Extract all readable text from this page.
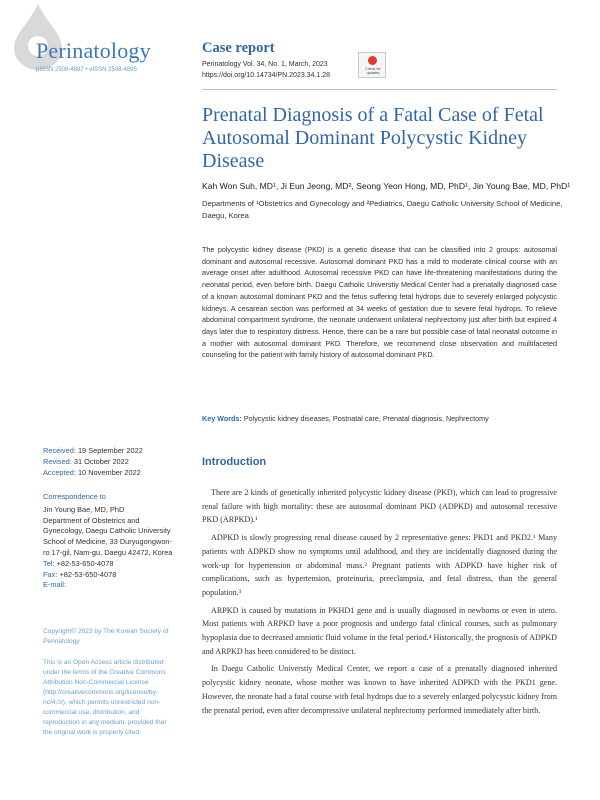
Perinatology
pISSN 2508-4887 • eISSN 2508-4895
Case report
Perinatology Vol. 34, No. 1, March, 2023
https://doi.org/10.14734/PN.2023.34.1.28
Check for updates
Prenatal Diagnosis of a Fatal Case of Fetal Autosomal Dominant Polycystic Kidney Disease
Kah Won Suh, MD¹, Ji Eun Jeong, MD², Seong Yeon Hong, MD, PhD¹, Jin Young Bae, MD, PhD¹
Departments of ¹Obstetrics and Gynecology and ²Pediatrics, Daegu Catholic University School of Medicine, Daegu, Korea
The polycystic kidney disease (PKD) is a genetic disease that can be classified into 2 groups: autosomal dominant and autosomal recessive. Autosomal dominant PKD has a mild to moderate clinical course with an average onset after adulthood. Autosomal recessive PKD can have life-threatening manifestations during the neonatal period, even before birth. Daegu Catholic Universtiy Medical Center had a prenatally diagnosed case of a known autosomal dominant PKD and the fetus suffering fetal hydrops due to severely enlarged polycystic kidneys. A cesarean section was performed at 34 weeks of gestation due to severe fetal hydrops. To relieve abdominal compartment syndrome, the neonate underwent unilateral nephrectomy just after birth but expired 4 days later due to respiratory distress. Hence, there can be a rare but possible case of fatal neonatal outcome in a mother with autosomal dominant PKD. Therefore, we recommend close observation and multifaceted counseling for the patient with family history of autosomal dominant PKD.
Key Words: Polycystic kidney diseases, Postnatal care, Prenatal diagnosis, Nephrectomy
Received: 19 September 2022
Revised: 31 October 2022
Accepted: 10 November 2022
Correspondence to
Jin Young Bae, MD, PhD
Department of Obstetrics and Gynecology, Daegu Catholic University School of Medicine, 33 Duryugongwon-ro 17-gil, Nam-gu, Daegu 42472, Korea
Tel: +82-53-650-4078
Fax: +82-53-650-4078
E-mail:
Copyright© 2023 by The Korean Society of Perinatology
This is an Open Access article distributed under the terms of the Creative Commons Attribution Non-Commercial License (http://creativecommons.org/license/by-nc/4.0/), which permits unrestricted non-commercial use, distribution, and reproduction in any medium, provided that the original work is properly cited.
Introduction

There are 2 kinds of genetically inherited polycystic kidney disease (PKD), which can lead to progressive renal failure with high mortality: these are autosomal dominant PKD (ADPKD) and autosomal recessive PKD (ARPKD).¹

ADPKD is slowly progressing renal disease caused by 2 representative genes: PKD1 and PKD2.¹ Many patients with ADPKD show no symptoms until adulthood, and they are incidentally diagnosed during the work-up for hypertension or abdominal mass.² Pregnant patients with ADPKD have higher risk of complications, such as hypertension, proteinuria, preeclampsia, and fetal distress, than the general population.³

ARPKD is caused by mutations in PKHD1 gene and is usually diagnosed in newborns or even in utero. Most patients with ARPKD have a poor prognosis and undergo fatal clinical courses, such as pulmonary hypoplasia due to decreased amniotic fluid volume in the fetal period.⁴ Historically, the prognosis of ADPKD and ARPKD has been considered to be distinct.

In Daegu Catholic Universtiy Medical Center, we report a case of a prenatally diagnosed inherited polycystic kidney neonate, whose mother was known to have inherited ADPKD with the PKD1 gene. However, the neonate had a fatal course with fetal hydrops due to a severely enlarged polycystic kidney from the prenatal period, even after decompressive unilateral nephrectomy performed immediately after birth.
